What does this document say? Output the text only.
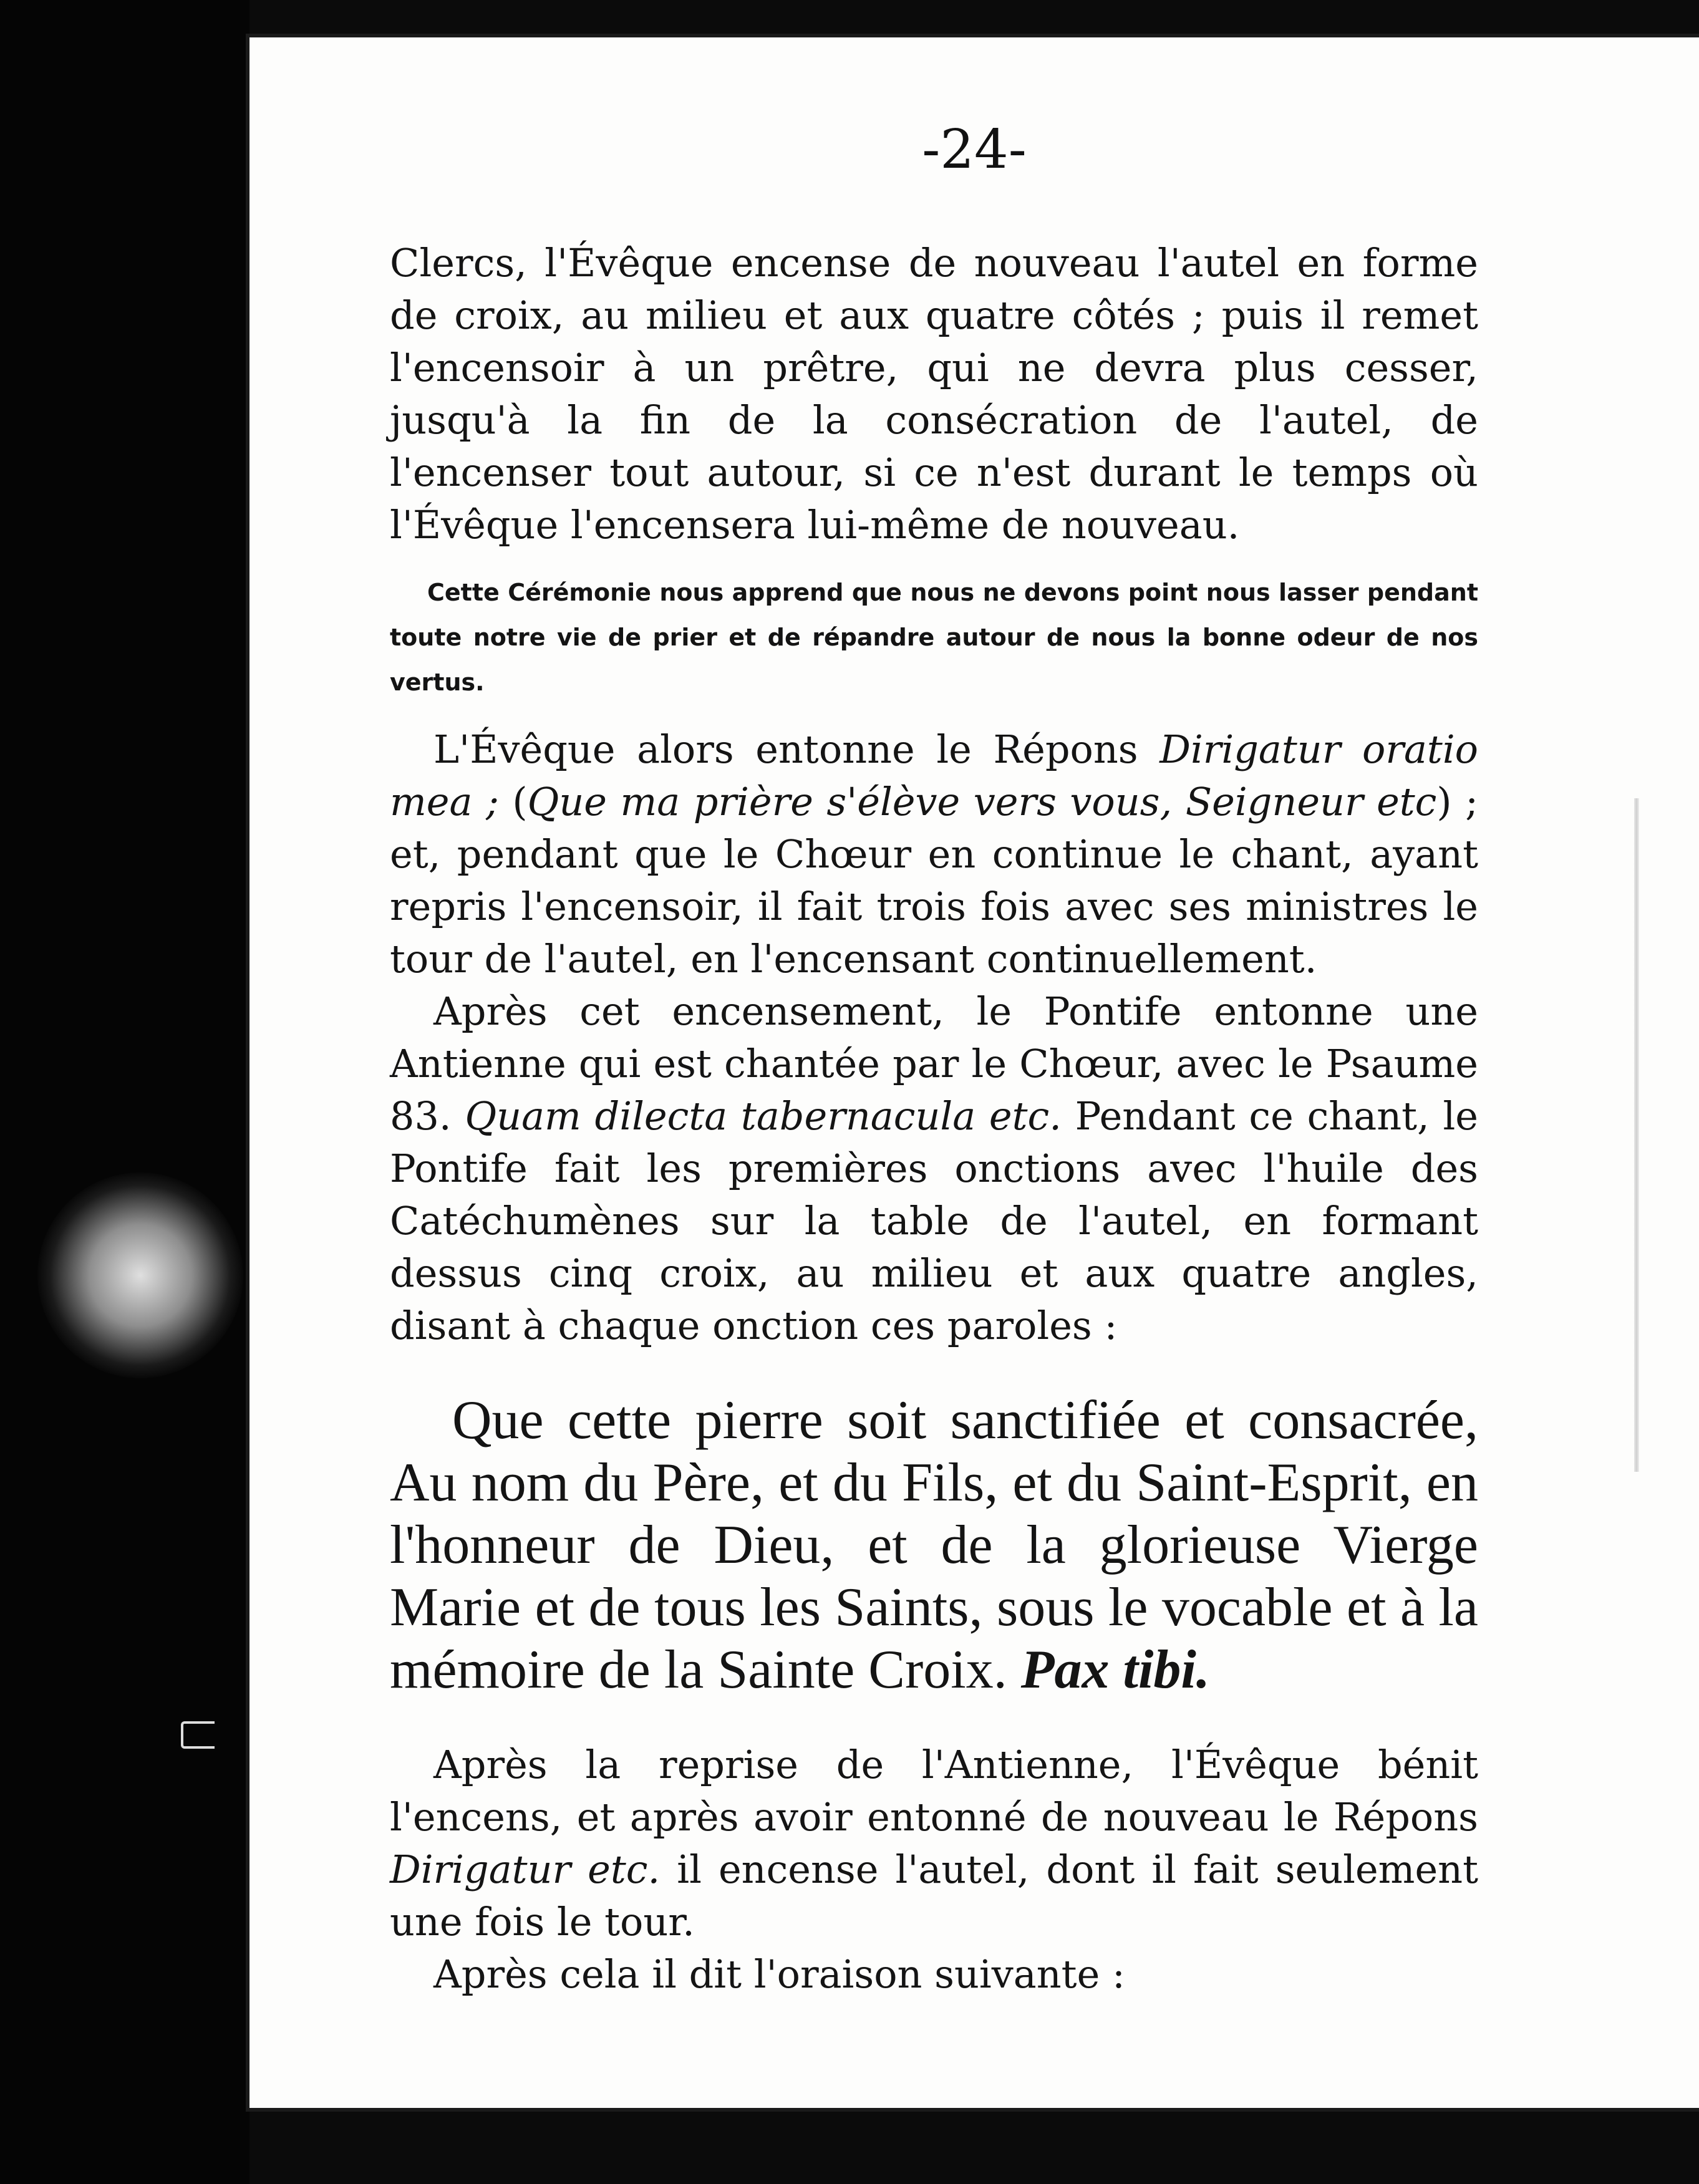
-24-

Clercs, l'Évêque encense de nouveau l'autel en forme de croix, au milieu et aux quatre côtés ; puis il remet l'encensoir à un prêtre, qui ne devra plus cesser, jusqu'à la fin de la consécration de l'autel, de l'encenser tout autour, si ce n'est durant le temps où l'Évêque l'encensera lui-même de nouveau.

Cette Cérémonie nous apprend que nous ne devons point nous lasser pendant toute notre vie de prier et de répandre autour de nous la bonne odeur de nos vertus.

L'Évêque alors entonne le Répons Dirigatur oratio mea ; (Que ma prière s'élève vers vous, Seigneur etc) ; et, pendant que le Chœur en continue le chant, ayant repris l'encensoir, il fait trois fois avec ses ministres le tour de l'autel, en l'encensant continuellement.

Après cet encensement, le Pontife entonne une Antienne qui est chantée par le Chœur, avec le Psaume 83. Quam dilecta tabernacula etc. Pendant ce chant, le Pontife fait les premières onctions avec l'huile des Catéchumènes sur la table de l'autel, en formant dessus cinq croix, au milieu et aux quatre angles, disant à chaque onction ces paroles :

Que cette pierre soit sanctifiée et consacrée, Au nom du Père, et du Fils, et du Saint-Esprit, en l'honneur de Dieu, et de la glorieuse Vierge Marie et de tous les Saints, sous le vocable et à la mémoire de la Sainte Croix. Pax tibi.

Après la reprise de l'Antienne, l'Évêque bénit l'encens, et après avoir entonné de nouveau le Répons Dirigatur etc. il encense l'autel, dont il fait seulement une fois le tour.

Après cela il dit l'oraison suivante :
